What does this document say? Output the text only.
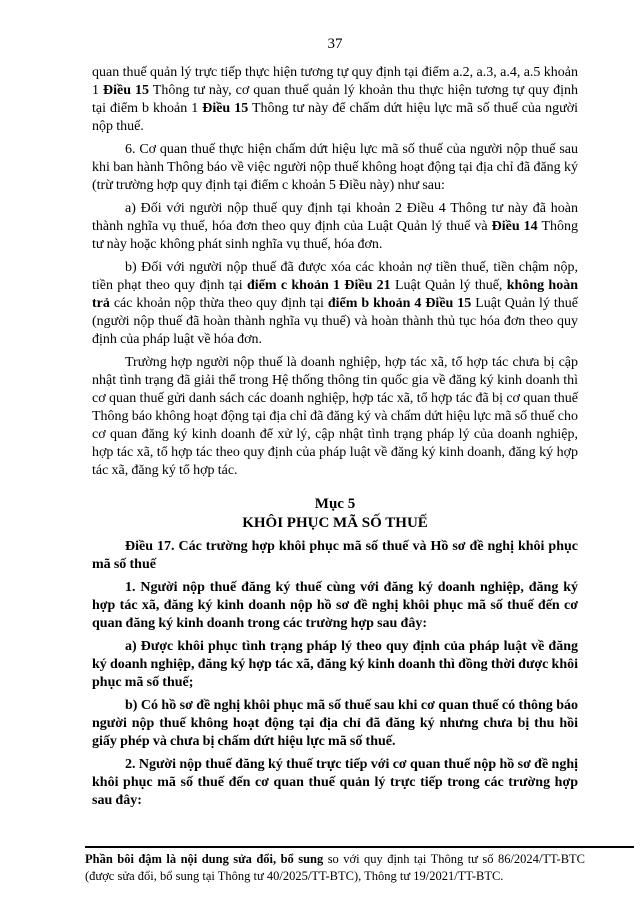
37

quan thuế quản lý trực tiếp thực hiện tương tự quy định tại điểm a.2, a.3, a.4, a.5 khoản 1 Điều 15 Thông tư này, cơ quan thuế quản lý khoản thu thực hiện tương tự quy định tại điểm b khoản 1 Điều 15 Thông tư này để chấm dứt hiệu lực mã số thuế của người nộp thuế.

6. Cơ quan thuế thực hiện chấm dứt hiệu lực mã số thuế của người nộp thuế sau khi ban hành Thông báo về việc người nộp thuế không hoạt động tại địa chỉ đã đăng ký (trừ trường hợp quy định tại điểm c khoản 5 Điều này) như sau:

a) Đối với người nộp thuế quy định tại khoản 2 Điều 4 Thông tư này đã hoàn thành nghĩa vụ thuế, hóa đơn theo quy định của Luật Quản lý thuế và Điều 14 Thông tư này hoặc không phát sinh nghĩa vụ thuế, hóa đơn.

b) Đối với người nộp thuế đã được xóa các khoản nợ tiền thuế, tiền chậm nộp, tiền phạt theo quy định tại điểm c khoản 1 Điều 21 Luật Quản lý thuế, không hoàn trả các khoản nộp thừa theo quy định tại điểm b khoản 4 Điều 15 Luật Quản lý thuế (người nộp thuế đã hoàn thành nghĩa vụ thuế) và hoàn thành thủ tục hóa đơn theo quy định của pháp luật về hóa đơn.

Trường hợp người nộp thuế là doanh nghiệp, hợp tác xã, tổ hợp tác chưa bị cập nhật tình trạng đã giải thể trong Hệ thống thông tin quốc gia về đăng ký kinh doanh thì cơ quan thuế gửi danh sách các doanh nghiệp, hợp tác xã, tổ hợp tác đã bị cơ quan thuế Thông báo không hoạt động tại địa chỉ đã đăng ký và chấm dứt hiệu lực mã số thuế cho cơ quan đăng ký kinh doanh để xử lý, cập nhật tình trạng pháp lý của doanh nghiệp, hợp tác xã, tổ hợp tác theo quy định của pháp luật về đăng ký kinh doanh, đăng ký hợp tác xã, đăng ký tổ hợp tác.

Mục 5
KHÔI PHỤC MÃ SỐ THUẾ

Điều 17. Các trường hợp khôi phục mã số thuế và Hồ sơ đề nghị khôi phục mã số thuế

1. Người nộp thuế đăng ký thuế cùng với đăng ký doanh nghiệp, đăng ký hợp tác xã, đăng ký kinh doanh nộp hồ sơ đề nghị khôi phục mã số thuế đến cơ quan đăng ký kinh doanh trong các trường hợp sau đây:

a) Được khôi phục tình trạng pháp lý theo quy định của pháp luật về đăng ký doanh nghiệp, đăng ký hợp tác xã, đăng ký kinh doanh thì đồng thời được khôi phục mã số thuế;

b) Có hồ sơ đề nghị khôi phục mã số thuế sau khi cơ quan thuế có thông báo người nộp thuế không hoạt động tại địa chỉ đã đăng ký nhưng chưa bị thu hồi giấy phép và chưa bị chấm dứt hiệu lực mã số thuế.

2. Người nộp thuế đăng ký thuế trực tiếp với cơ quan thuế nộp hồ sơ đề nghị khôi phục mã số thuế đến cơ quan thuế quản lý trực tiếp trong các trường hợp sau đây:

Phần bôi đậm là nội dung sửa đổi, bổ sung so với quy định tại Thông tư số 86/2024/TT-BTC (được sửa đổi, bổ sung tại Thông tư 40/2025/TT-BTC), Thông tư 19/2021/TT-BTC.
